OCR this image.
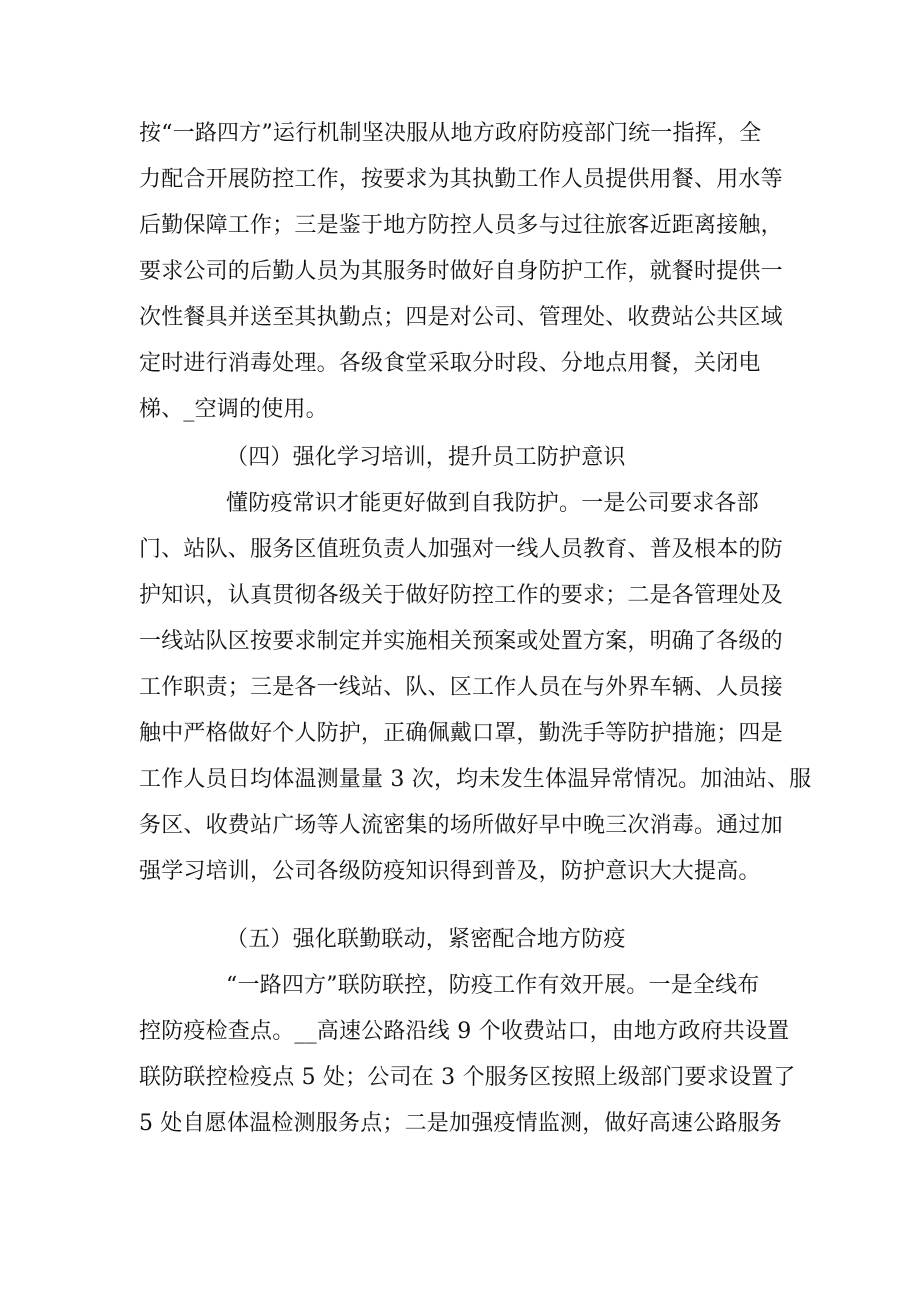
按“一路四方”运行机制坚决服从地方政府防疫部门统一指挥，全
力配合开展防控工作，按要求为其执勤工作人员提供用餐、用水等
后勤保障工作；三是鉴于地方防控人员多与过往旅客近距离接触，
要求公司的后勤人员为其服务时做好自身防护工作，就餐时提供一
次性餐具并送至其执勤点；四是对公司、管理处、收费站公共区域
定时进行消毒处理。各级食堂采取分时段、分地点用餐，关闭电
梯、_空调的使用。
（四）强化学习培训，提升员工防护意识
懂防疫常识才能更好做到自我防护。一是公司要求各部
门、站队、服务区值班负责人加强对一线人员教育、普及根本的防
护知识，认真贯彻各级关于做好防控工作的要求；二是各管理处及
一线站队区按要求制定并实施相关预案或处置方案，明确了各级的
工作职责；三是各一线站、队、区工作人员在与外界车辆、人员接
触中严格做好个人防护，正确佩戴口罩，勤洗手等防护措施；四是
工作人员日均体温测量量 3 次，均未发生体温异常情况。加油站、服
务区、收费站广场等人流密集的场所做好早中晚三次消毒。通过加
强学习培训，公司各级防疫知识得到普及，防护意识大大提高。
（五）强化联勤联动，紧密配合地方防疫
“一路四方”联防联控，防疫工作有效开展。一是全线布
控防疫检查点。__高速公路沿线 9 个收费站口，由地方政府共设置
联防联控检疫点 5 处；公司在 3 个服务区按照上级部门要求设置了
5 处自愿体温检测服务点；二是加强疫情监测，做好高速公路服务
